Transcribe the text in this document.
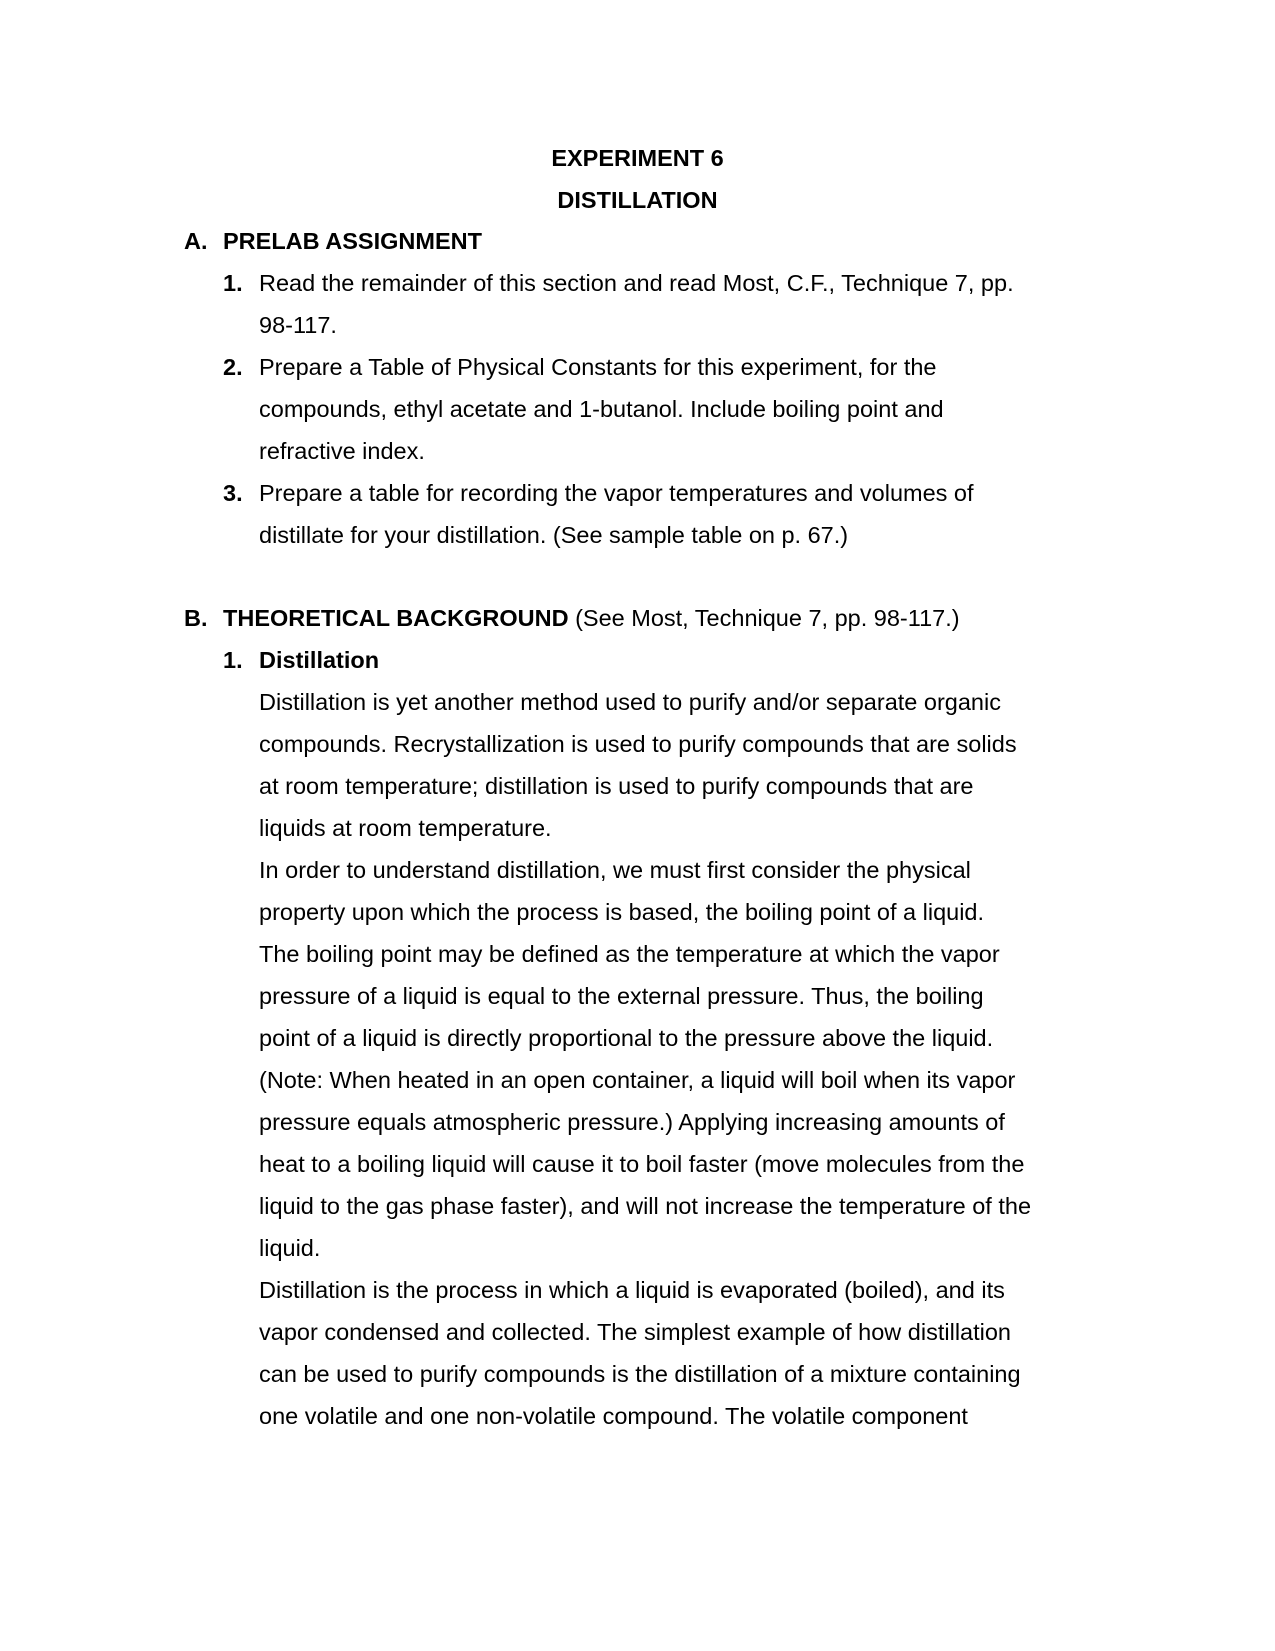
EXPERIMENT 6
DISTILLATION
A. PRELAB ASSIGNMENT
1. Read the remainder of this section and read Most, C.F., Technique 7, pp.
98-117.
2. Prepare a Table of Physical Constants for this experiment, for the
compounds, ethyl acetate and 1-butanol. Include boiling point and
refractive index.
3. Prepare a table for recording the vapor temperatures and volumes of
distillate for your distillation. (See sample table on p. 67.)
B. THEORETICAL BACKGROUND (See Most, Technique 7, pp. 98-117.)
1. Distillation
Distillation is yet another method used to purify and/or separate organic
compounds. Recrystallization is used to purify compounds that are solids
at room temperature; distillation is used to purify compounds that are
liquids at room temperature.
In order to understand distillation, we must first consider the physical
property upon which the process is based, the boiling point of a liquid.
The boiling point may be defined as the temperature at which the vapor
pressure of a liquid is equal to the external pressure. Thus, the boiling
point of a liquid is directly proportional to the pressure above the liquid.
(Note: When heated in an open container, a liquid will boil when its vapor
pressure equals atmospheric pressure.) Applying increasing amounts of
heat to a boiling liquid will cause it to boil faster (move molecules from the
liquid to the gas phase faster), and will not increase the temperature of the
liquid.
Distillation is the process in which a liquid is evaporated (boiled), and its
vapor condensed and collected. The simplest example of how distillation
can be used to purify compounds is the distillation of a mixture containing
one volatile and one non-volatile compound. The volatile component
